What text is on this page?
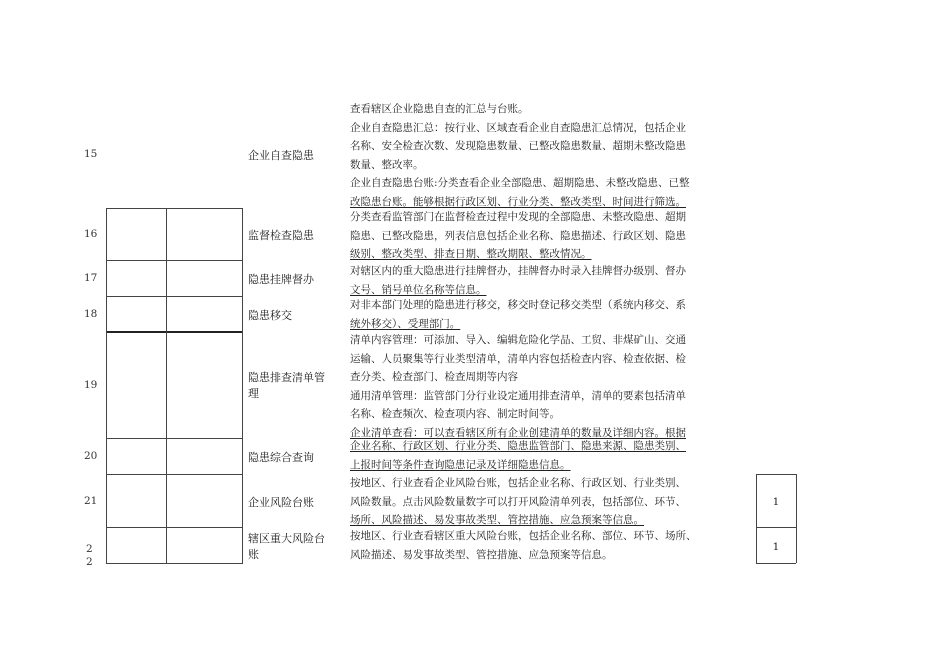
15
16
17
18
19
20
21
2
2
企业自查隐患
监督检查隐患
隐患挂牌督办
隐患移交
隐患排查清单管理
隐患综合查询
企业风险台账
辖区重大风险台账
查看辖区企业隐患自查的汇总与台账。
企业自查隐患汇总：按行业、区域查看企业自查隐患汇总情况，包括企业
名称、安全检查次数、发现隐患数量、已整改隐患数量、超期未整改隐患
数量、整改率。
企业自查隐患台账:分类查看企业全部隐患、超期隐患、未整改隐患、已整
改隐患台账。能够根据行政区划、行业分类、整改类型、时间进行筛选。
分类查看监管部门在监督检查过程中发现的全部隐患、未整改隐患、超期
隐患、已整改隐患，列表信息包括企业名称、隐患描述、行政区划、隐患
级别、整改类型、排查日期、整改期限、整改情况。
对辖区内的重大隐患进行挂牌督办，挂牌督办时录入挂牌督办级别、督办
文号、销号单位名称等信息。
对非本部门处理的隐患进行移交，移交时登记移交类型（系统内移交、系
统外移交）、受理部门。
清单内容管理：可添加、导入、编辑危险化学品、工贸、非煤矿山、交通
运输、人员聚集等行业类型清单，清单内容包括检查内容、检查依据、检
查分类、检查部门、检查周期等内容
通用清单管理：监管部门分行业设定通用排查清单，清单的要素包括清单
名称、检查频次、检查项内容、制定时间等。
企业清单查看：可以查看辖区所有企业创建清单的数量及详细内容。根据
企业名称、行政区划、行业分类、隐患监管部门、隐患来源、隐患类别、
上报时间等条件查询隐患记录及详细隐患信息。
按地区、行业查看企业风险台账，包括企业名称、行政区划、行业类别、
风险数量。点击风险数量数字可以打开风险清单列表，包括部位、环节、
场所、风险描述、易发事故类型、管控措施、应急预案等信息。
按地区、行业查看辖区重大风险台账，包括企业名称、部位、环节、场所、
风险描述、易发事故类型、管控措施、应急预案等信息。
1
1
